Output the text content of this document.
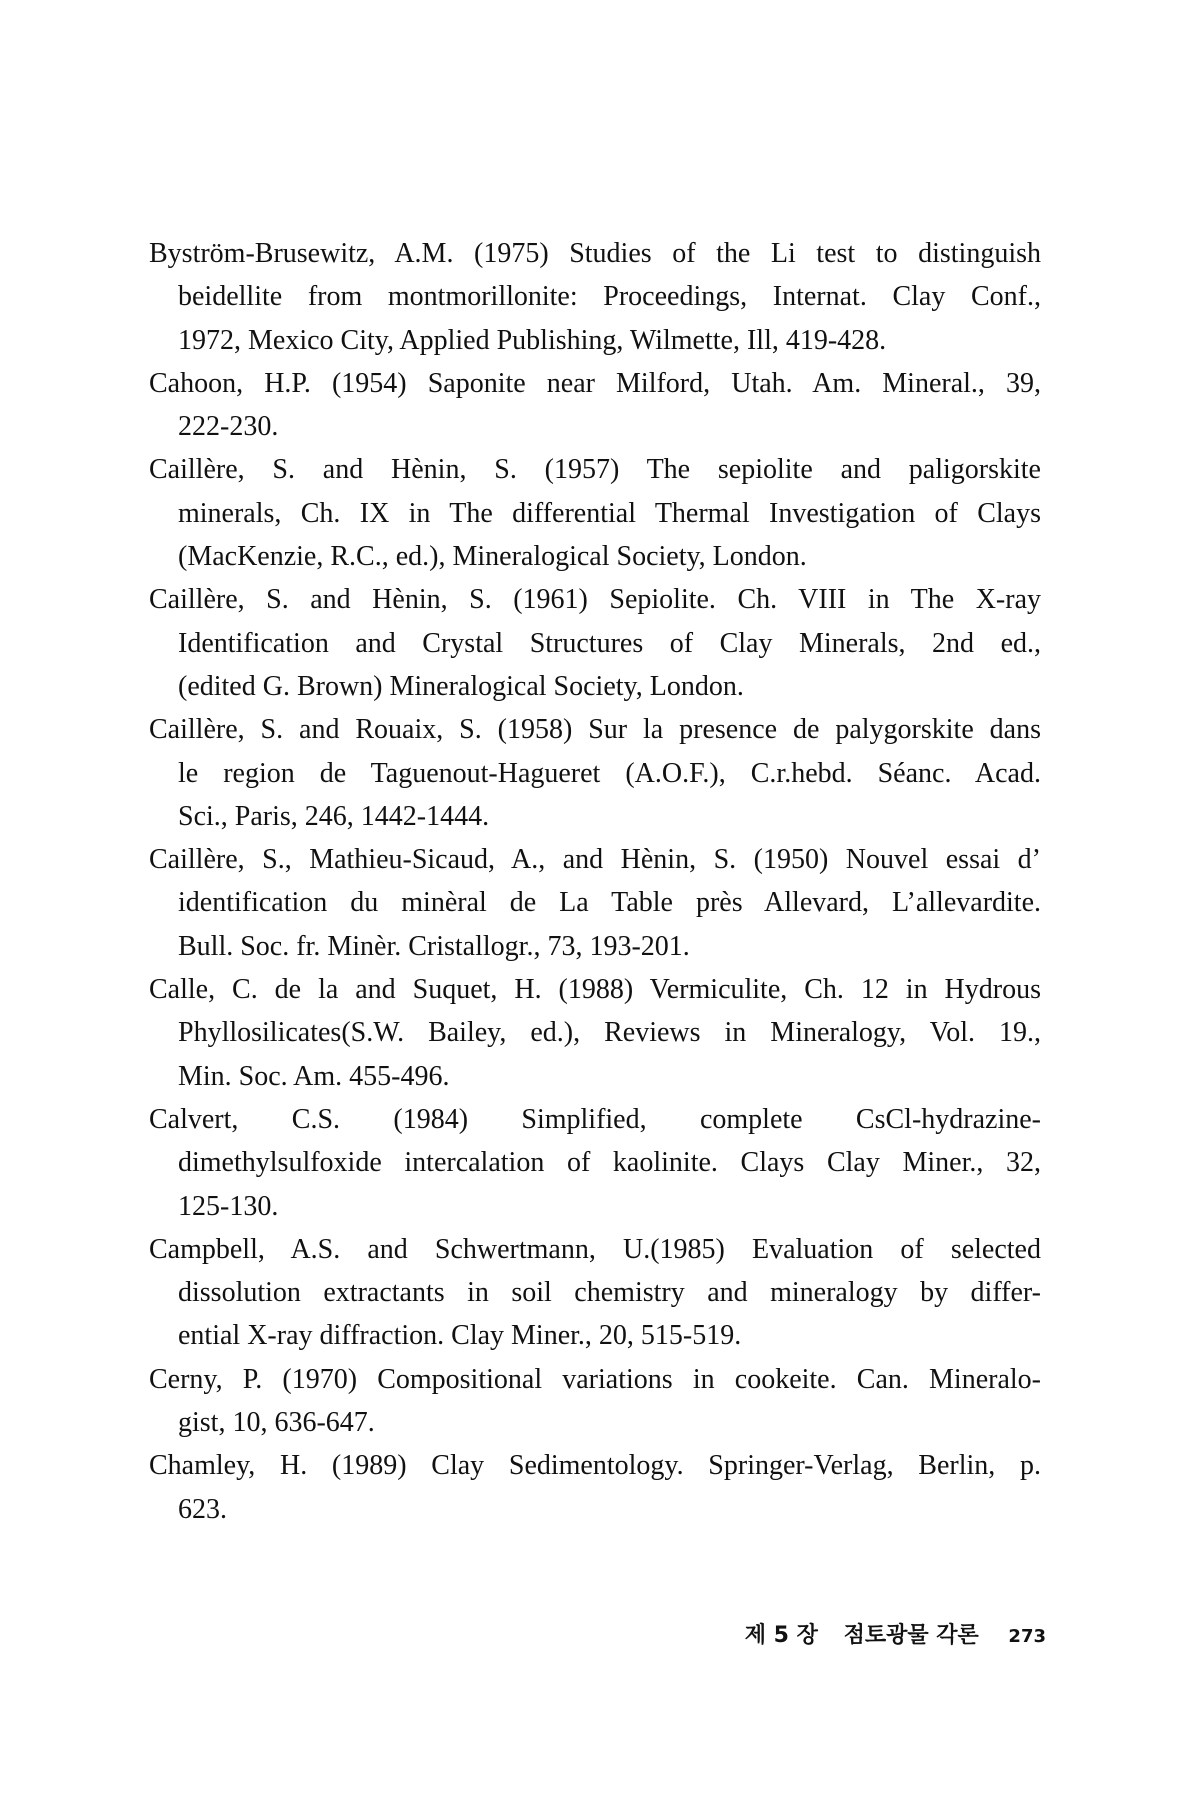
Byström-Brusewitz, A.M. (1975) Studies of the Li test to distinguish
beidellite from montmorillonite: Proceedings, Internat. Clay Conf.,
1972, Mexico City, Applied Publishing, Wilmette, Ill, 419-428.
Cahoon, H.P. (1954) Saponite near Milford, Utah. Am. Mineral., 39,
222-230.
Caillère, S. and Hènin, S. (1957) The sepiolite and paligorskite
minerals, Ch. IX in The differential Thermal Investigation of Clays
(MacKenzie, R.C., ed.), Mineralogical Society, London.
Caillère, S. and Hènin, S. (1961) Sepiolite. Ch. VIII in The X-ray
Identification and Crystal Structures of Clay Minerals, 2nd ed.,
(edited G. Brown) Mineralogical Society, London.
Caillère, S. and Rouaix, S. (1958) Sur la presence de palygorskite dans
le region de Taguenout-Hagueret (A.O.F.), C.r.hebd. Séanc. Acad.
Sci., Paris, 246, 1442-1444.
Caillère, S., Mathieu-Sicaud, A., and Hènin, S. (1950) Nouvel essai d’
identification du minèral de La Table près Allevard, L’allevardite.
Bull. Soc. fr. Minèr. Cristallogr., 73, 193-201.
Calle, C. de la and Suquet, H. (1988) Vermiculite, Ch. 12 in Hydrous
Phyllosilicates(S.W. Bailey, ed.), Reviews in Mineralogy, Vol. 19.,
Min. Soc. Am. 455-496.
Calvert, C.S. (1984) Simplified, complete CsCl-hydrazine-
dimethylsulfoxide intercalation of kaolinite. Clays Clay Miner., 32,
125-130.
Campbell, A.S. and Schwertmann, U.(1985) Evaluation of selected
dissolution extractants in soil chemistry and mineralogy by differ-
ential X-ray diffraction. Clay Miner., 20, 515-519.
Cerny, P. (1970) Compositional variations in cookeite. Can. Mineralo-
gist, 10, 636-647.
Chamley, H. (1989) Clay Sedimentology. Springer-Verlag, Berlin, p.
623.
제 5 장 점토광물 각론 273
